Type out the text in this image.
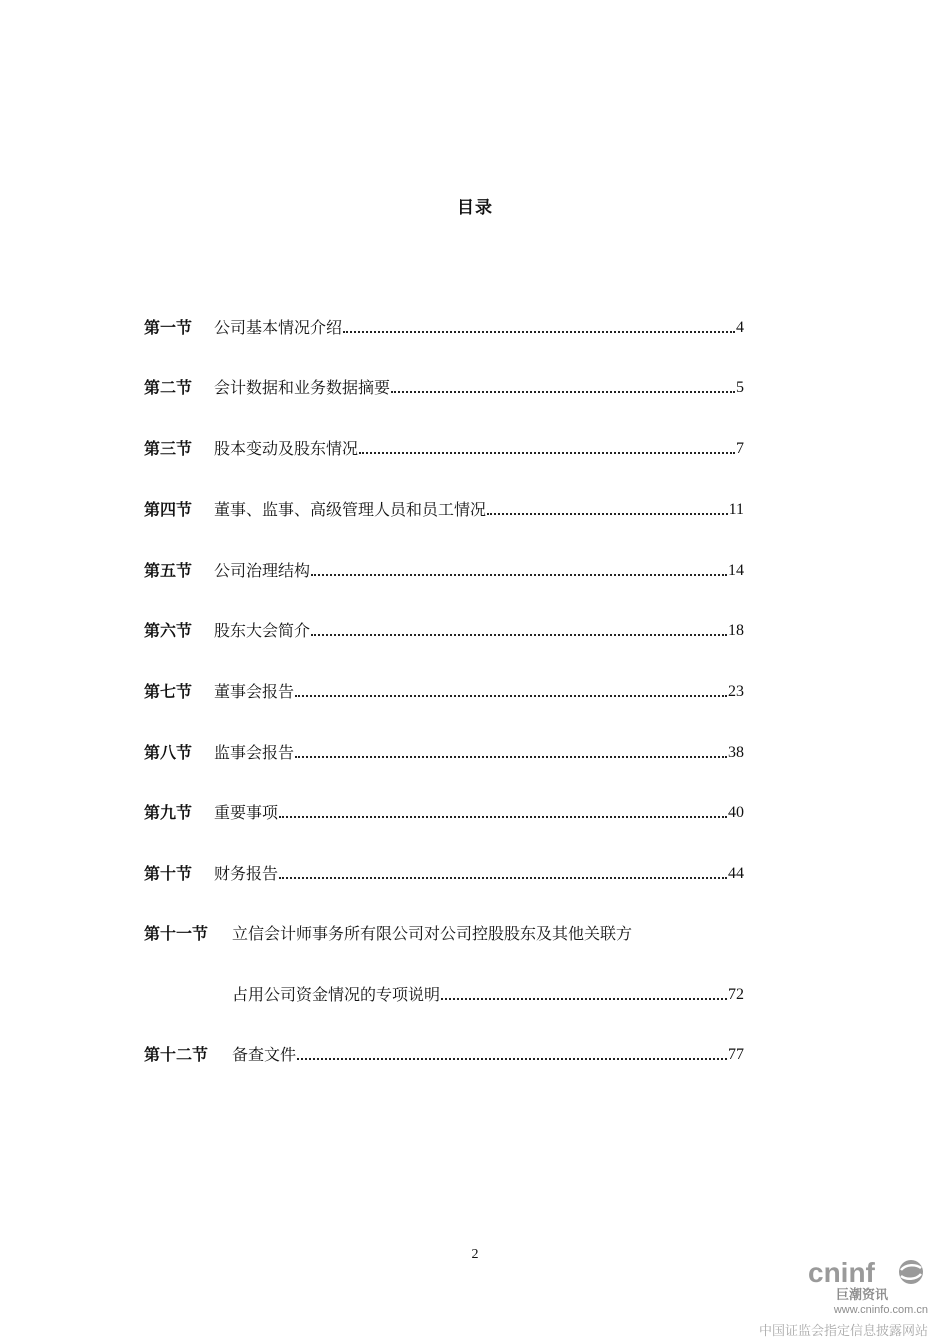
目录
第一节	公司基本情况介绍	4
第二节	会计数据和业务数据摘要	5
第三节	股本变动及股东情况	7
第四节	董事、监事、高级管理人员和员工情况	11
第五节	公司治理结构	14
第六节	股东大会简介	18
第七节	董事会报告	23
第八节	监事会报告	38
第九节	重要事项	40
第十节	财务报告	44
第十一节	立信会计师事务所有限公司对公司控股股东及其他关联方
占用公司资金情况的专项说明	72
第十二节	备查文件	77
2
cninf
巨潮资讯
www.cninfo.com.cn
中国证监会指定信息披露网站
